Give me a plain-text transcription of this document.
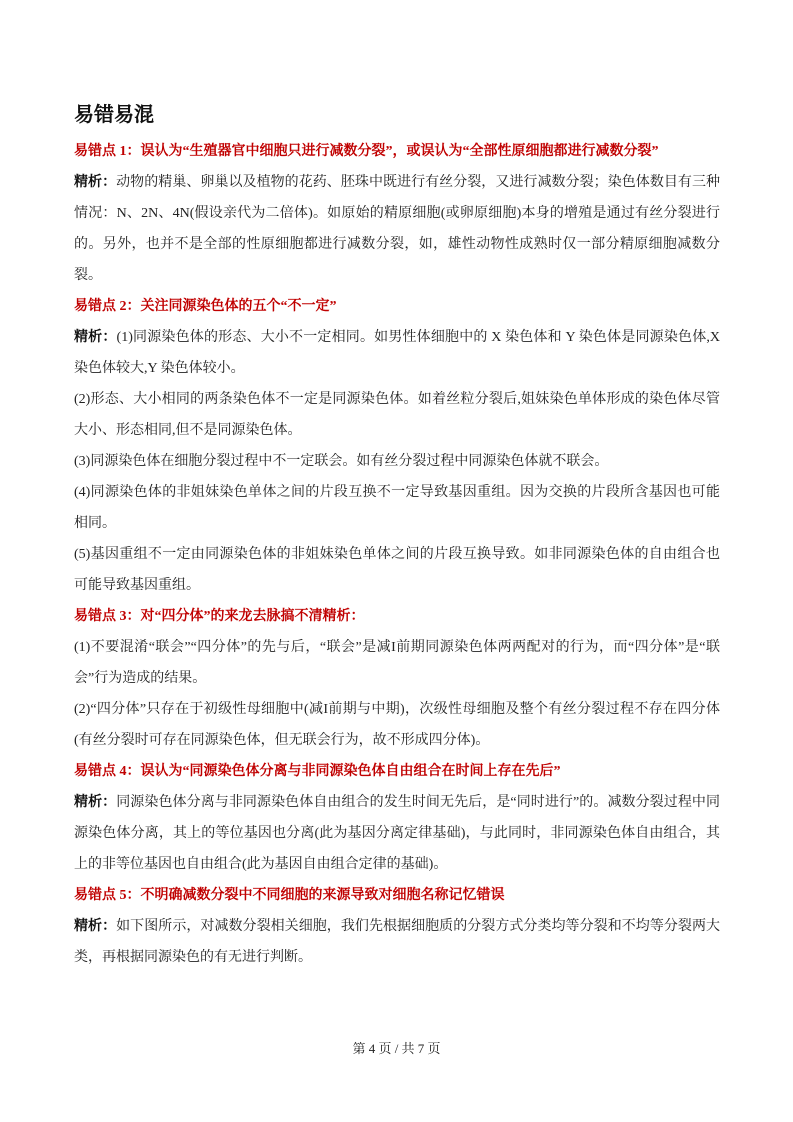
易错易混

易错点 1：误认为“生殖器官中细胞只进行减数分裂”，或误认为“全部性原细胞都进行减数分裂”

精析：动物的精巢、卵巢以及植物的花药、胚珠中既进行有丝分裂，又进行减数分裂；染色体数目有三种情况：N、2N、4N(假设亲代为二倍体)。如原始的精原细胞(或卵原细胞)本身的增殖是通过有丝分裂进行的。另外，也并不是全部的性原细胞都进行减数分裂，如，雄性动物性成熟时仅一部分精原细胞减数分裂。

易错点 2：关注同源染色体的五个“不一定”

精析：(1)同源染色体的形态、大小不一定相同。如男性体细胞中的 X 染色体和 Y 染色体是同源染色体,X 染色体较大,Y 染色体较小。

(2)形态、大小相同的两条染色体不一定是同源染色体。如着丝粒分裂后,姐妹染色单体形成的染色体尽管大小、形态相同,但不是同源染色体。

(3)同源染色体在细胞分裂过程中不一定联会。如有丝分裂过程中同源染色体就不联会。

(4)同源染色体的非姐妹染色单体之间的片段互换不一定导致基因重组。因为交换的片段所含基因也可能相同。

(5)基因重组不一定由同源染色体的非姐妹染色单体之间的片段互换导致。如非同源染色体的自由组合也可能导致基因重组。

易错点 3：对“四分体”的来龙去脉搞不清精析：

(1)不要混淆“联会”“四分体”的先与后，“联会”是减I前期同源染色体两两配对的行为，而“四分体”是“联会”行为造成的结果。

(2)“四分体”只存在于初级性母细胞中(减I前期与中期)，次级性母细胞及整个有丝分裂过程不存在四分体(有丝分裂时可存在同源染色体，但无联会行为，故不形成四分体)。

易错点 4：误认为“同源染色体分离与非同源染色体自由组合在时间上存在先后”

精析：同源染色体分离与非同源染色体自由组合的发生时间无先后，是“同时进行”的。减数分裂过程中同源染色体分离，其上的等位基因也分离(此为基因分离定律基础)，与此同时，非同源染色体自由组合，其上的非等位基因也自由组合(此为基因自由组合定律的基础)。

易错点 5：不明确减数分裂中不同细胞的来源导致对细胞名称记忆错误

精析：如下图所示，对减数分裂相关细胞，我们先根据细胞质的分裂方式分类均等分裂和不均等分裂两大类，再根据同源染色的有无进行判断。

第 4 页 / 共 7 页
